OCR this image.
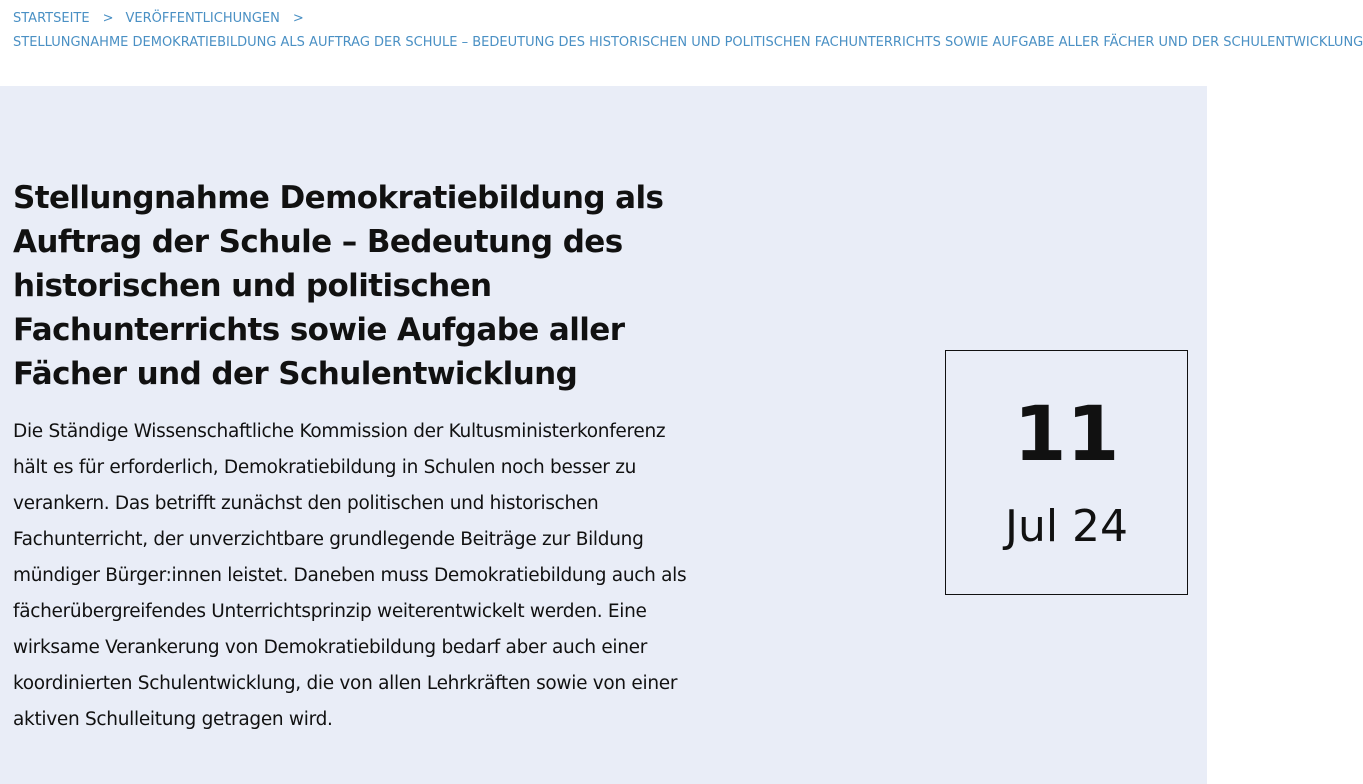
STARTSEITE > VERÖFFENTLICHUNGEN >
STELLUNGNAHME DEMOKRATIEBILDUNG ALS AUFTRAG DER SCHULE – BEDEUTUNG DES HISTORISCHEN UND POLITISCHEN FACHUNTERRICHTS SOWIE AUFGABE ALLER FÄCHER UND DER SCHULENTWICKLUNG
Stellungnahme Demokratiebildung als Auftrag der Schule – Bedeutung des historischen und politischen Fachunterrichts sowie Aufgabe aller Fächer und der Schulentwicklung

Die Ständige Wissenschaftliche Kommission der Kultusministerkonferenz hält es für erforderlich, Demokratiebildung in Schulen noch besser zu verankern. Das betrifft zunächst den politischen und historischen Fachunterricht, der unverzichtbare grundlegende Beiträge zur Bildung mündiger Bürger:innen leistet. Daneben muss Demokratiebildung auch als fächerübergreifendes Unterrichtsprinzip weiterentwickelt werden. Eine wirksame Verankerung von Demokratiebildung bedarf aber auch einer koordinierten Schulentwicklung, die von allen Lehrkräften sowie von einer aktiven Schulleitung getragen wird.

11
Jul 24
